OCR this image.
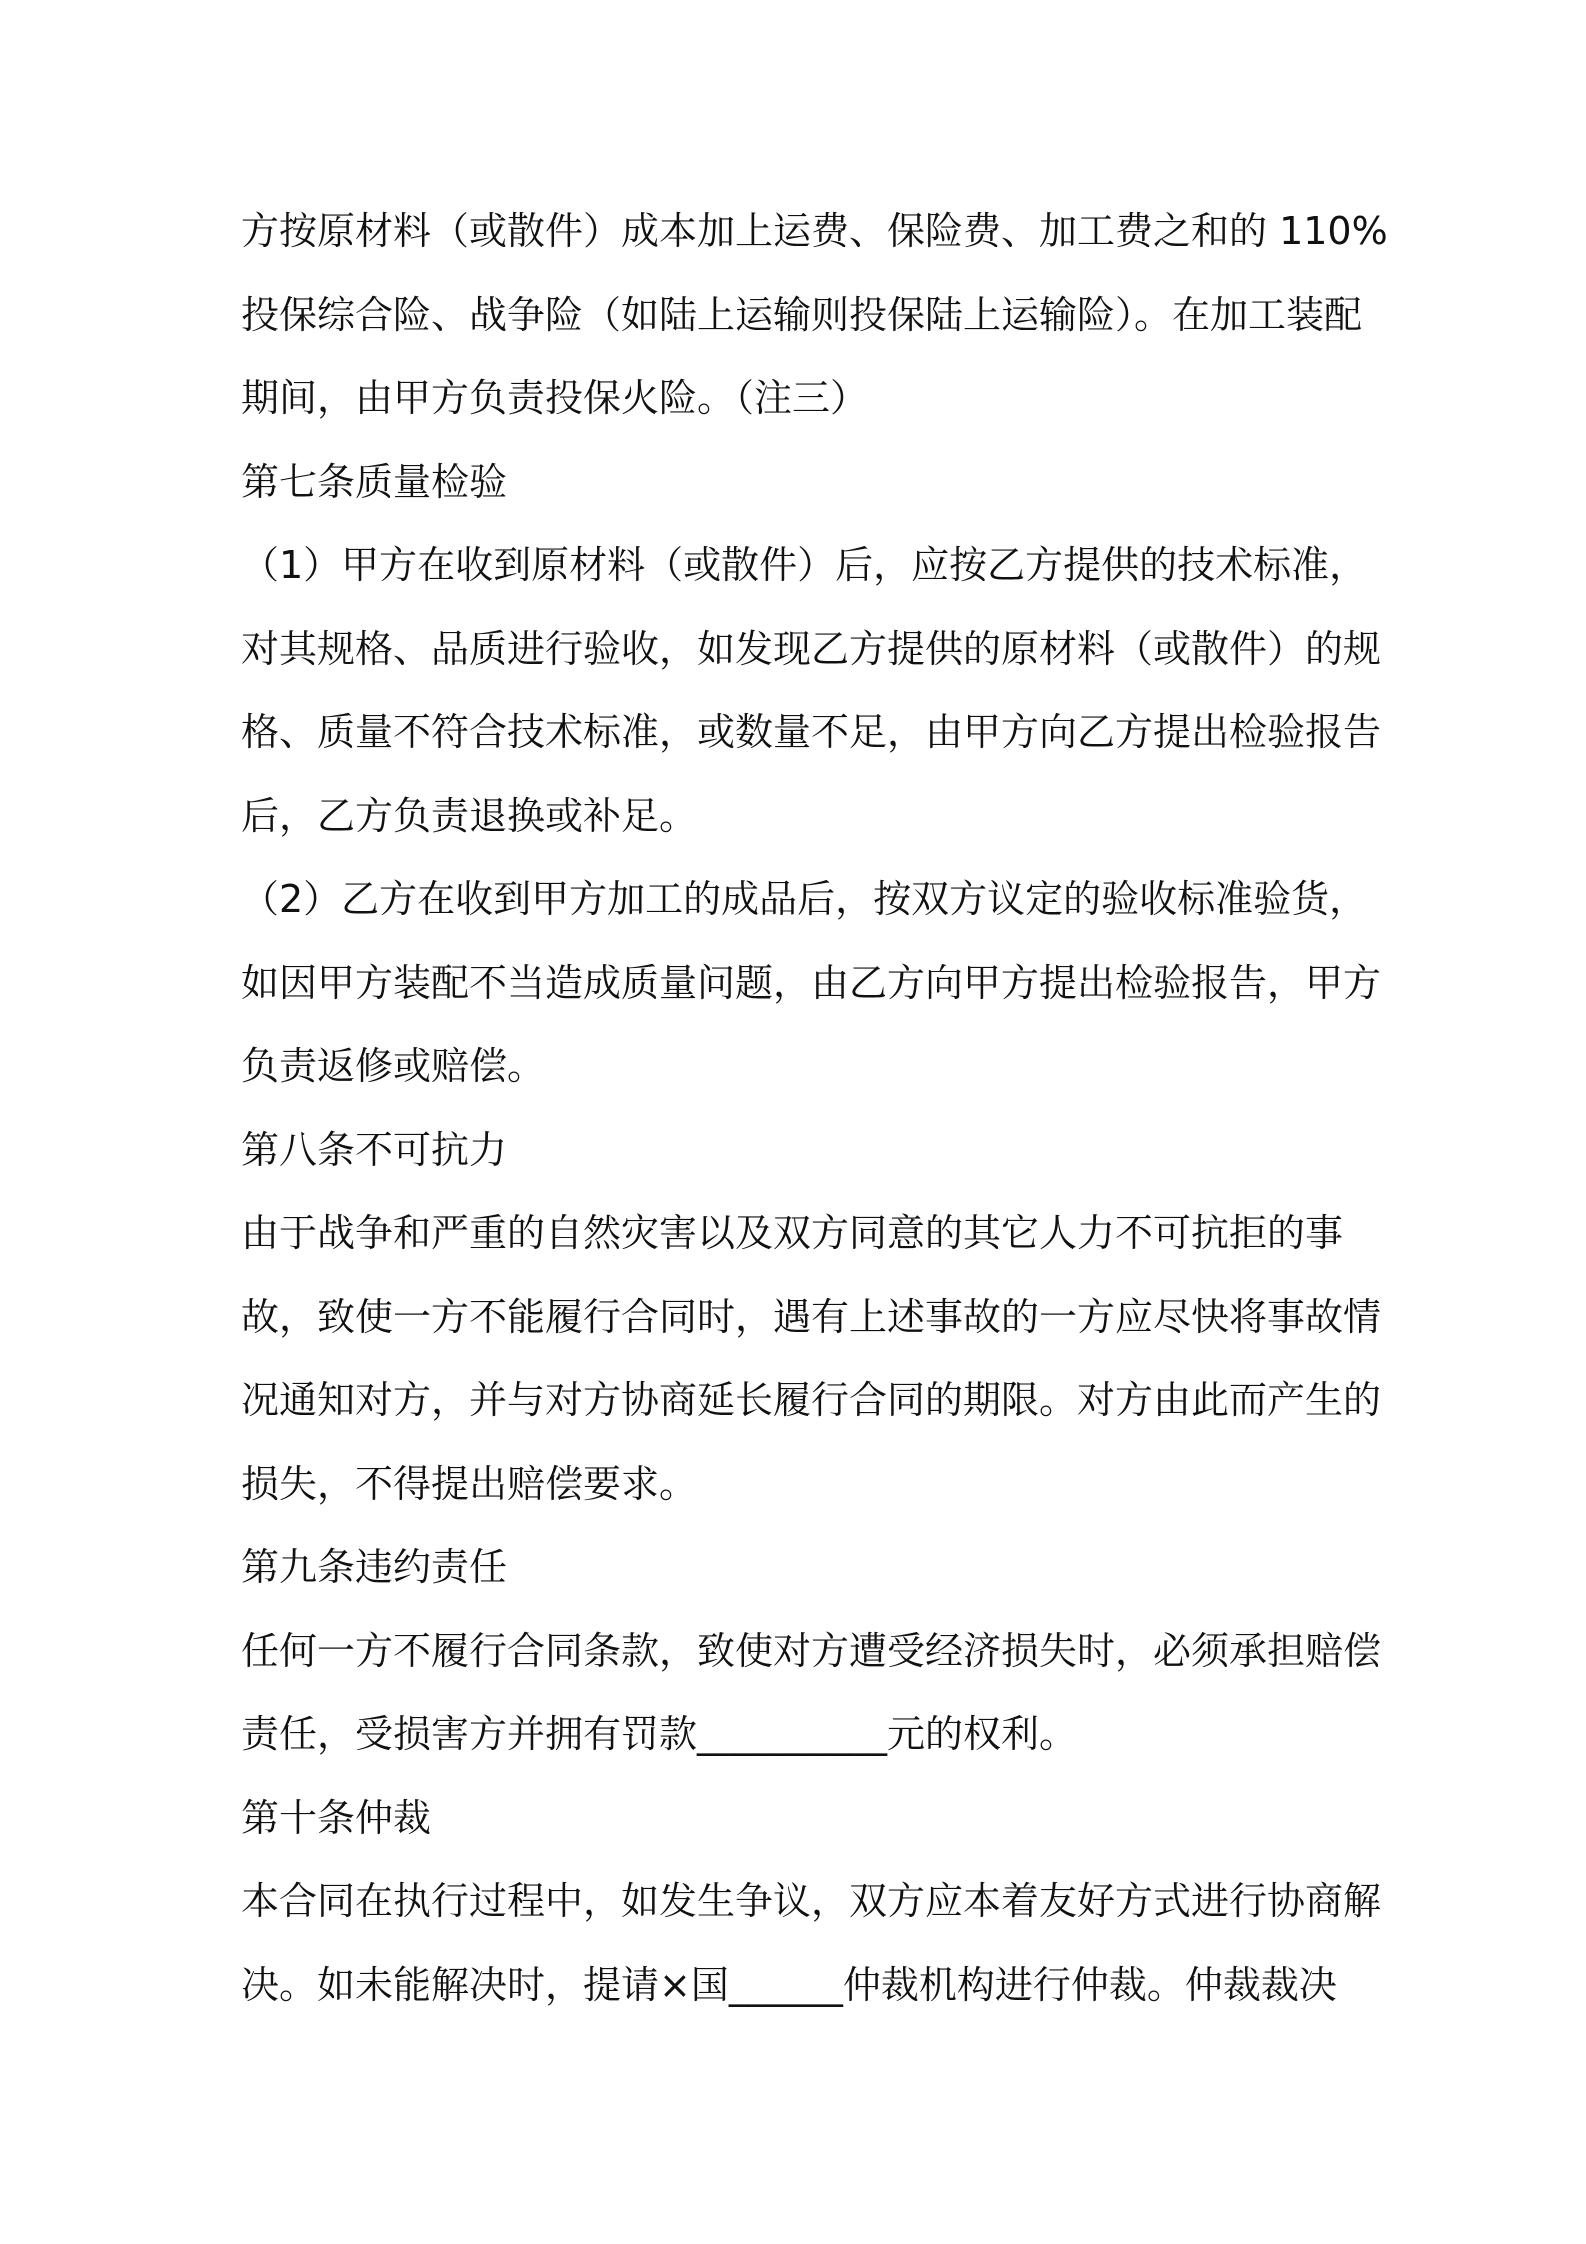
方按原材料（或散件）成本加上运费、保险费、加工费之和的 110%
投保综合险、战争险（如陆上运输则投保陆上运输险）。在加工装配
期间，由甲方负责投保火险。（注三）
第七条质量检验
（1）甲方在收到原材料（或散件）后，应按乙方提供的技术标准，
对其规格、品质进行验收，如发现乙方提供的原材料（或散件）的规
格、质量不符合技术标准，或数量不足，由甲方向乙方提出检验报告
后，乙方负责退换或补足。
（2）乙方在收到甲方加工的成品后，按双方议定的验收标准验货，
如因甲方装配不当造成质量问题，由乙方向甲方提出检验报告，甲方
负责返修或赔偿。
第八条不可抗力
由于战争和严重的自然灾害以及双方同意的其它人力不可抗拒的事
故，致使一方不能履行合同时，遇有上述事故的一方应尽快将事故情
况通知对方，并与对方协商延长履行合同的期限。对方由此而产生的
损失，不得提出赔偿要求。
第九条违约责任
任何一方不履行合同条款，致使对方遭受经济损失时，必须承担赔偿
责任，受损害方并拥有罚款__________元的权利。
第十条仲裁
本合同在执行过程中，如发生争议，双方应本着友好方式进行协商解
决。如未能解决时，提请×国______仲裁机构进行仲裁。仲裁裁决
